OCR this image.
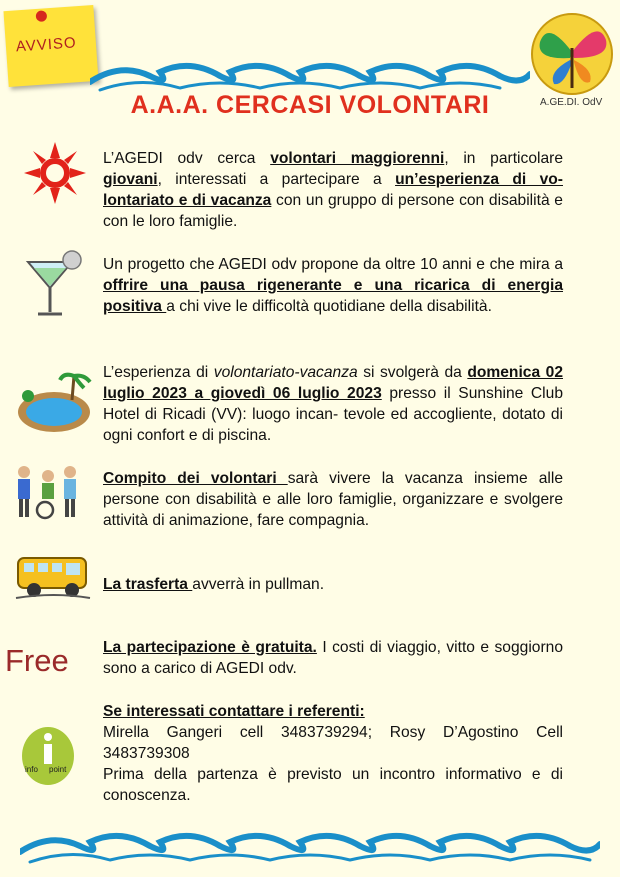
AVVISO
A.GE.DI. OdV
A.A.A. CERCASI VOLONTARI

L’AGEDI odv cerca volontari maggiorenni, in particolare giovani, interessati a partecipare a un’esperienza di vo- lontariato e di vacanza con un gruppo di persone con disabilità e con le loro famiglie.

Un progetto che AGEDI odv propone da oltre 10 anni e che mira a offrire una pausa rigenerante e una ricarica di energia positiva a chi vive le difficoltà quotidiane della disabilità.

L’esperienza di volontariato-vacanza si svolgerà da domenica 02 luglio 2023 a giovedì 06 luglio 2023 presso il Sunshine Club Hotel di Ricadi (VV): luogo incan- tevole ed accogliente, dotato di ogni confort e di piscina.

Compito dei volontari sarà vivere la vacanza insieme alle persone con disabilità e alle loro famiglie, organizzare e svolgere attività di animazione, fare compagnia.

La trasferta avverrà in pullman.

Free La partecipazione è gratuita. I costi di viaggio, vitto e soggiorno sono a carico di AGEDI odv.

info point

Se interessati contattare i referenti:
Mirella Gangeri cell 3483739294; Rosy D’Agostino Cell
3483739308
Prima della partenza è previsto un incontro informativo e di conoscenza.
